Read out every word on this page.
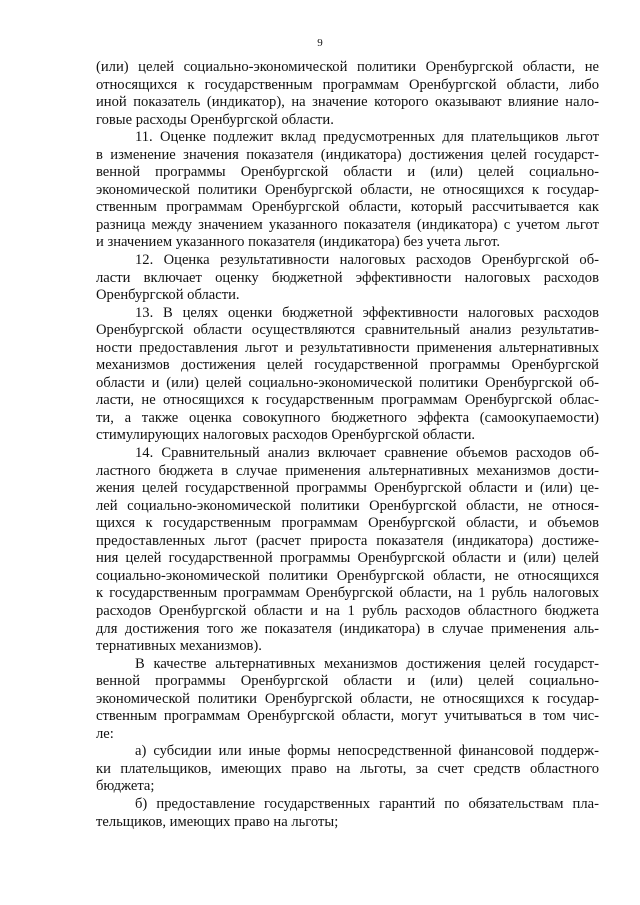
9
(или) целей социально-экономической политики Оренбургской области, не
относящихся к государственным программам Оренбургской области, либо
иной показатель (индикатор), на значение которого оказывают влияние нало-
говые расходы Оренбургской области.
11. Оценке подлежит вклад предусмотренных для плательщиков льгот
в изменение значения показателя (индикатора) достижения целей государст-
венной программы Оренбургской области и (или) целей социально-
экономической политики Оренбургской области, не относящихся к государ-
ственным программам Оренбургской области, который рассчитывается как
разница между значением указанного показателя (индикатора) с учетом льгот
и значением указанного показателя (индикатора) без учета льгот.
12. Оценка результативности налоговых расходов Оренбургской об-
ласти включает оценку бюджетной эффективности налоговых расходов
Оренбургской области.
13. В целях оценки бюджетной эффективности налоговых расходов
Оренбургской области осуществляются сравнительный анализ результатив-
ности предоставления льгот и результативности применения альтернативных
механизмов достижения целей государственной программы Оренбургской
области и (или) целей социально-экономической политики Оренбургской об-
ласти, не относящихся к государственным программам Оренбургской облас-
ти, а также оценка совокупного бюджетного эффекта (самоокупаемости)
стимулирующих налоговых расходов Оренбургской области.
14. Сравнительный анализ включает сравнение объемов расходов об-
ластного бюджета в случае применения альтернативных механизмов дости-
жения целей государственной программы Оренбургской области и (или) це-
лей социально-экономической политики Оренбургской области, не относя-
щихся к государственным программам Оренбургской области, и объемов
предоставленных льгот (расчет прироста показателя (индикатора) достиже-
ния целей государственной программы Оренбургской области и (или) целей
социально-экономической политики Оренбургской области, не относящихся
к государственным программам Оренбургской области, на 1 рубль налоговых
расходов Оренбургской области и на 1 рубль расходов областного бюджета
для достижения того же показателя (индикатора) в случае применения аль-
тернативных механизмов).
В качестве альтернативных механизмов достижения целей государст-
венной программы Оренбургской области и (или) целей социально-
экономической политики Оренбургской области, не относящихся к государ-
ственным программам Оренбургской области, могут учитываться в том чис-
ле:
а) субсидии или иные формы непосредственной финансовой поддерж-
ки плательщиков, имеющих право на льготы, за счет средств областного
бюджета;
б) предоставление государственных гарантий по обязательствам пла-
тельщиков, имеющих право на льготы;
